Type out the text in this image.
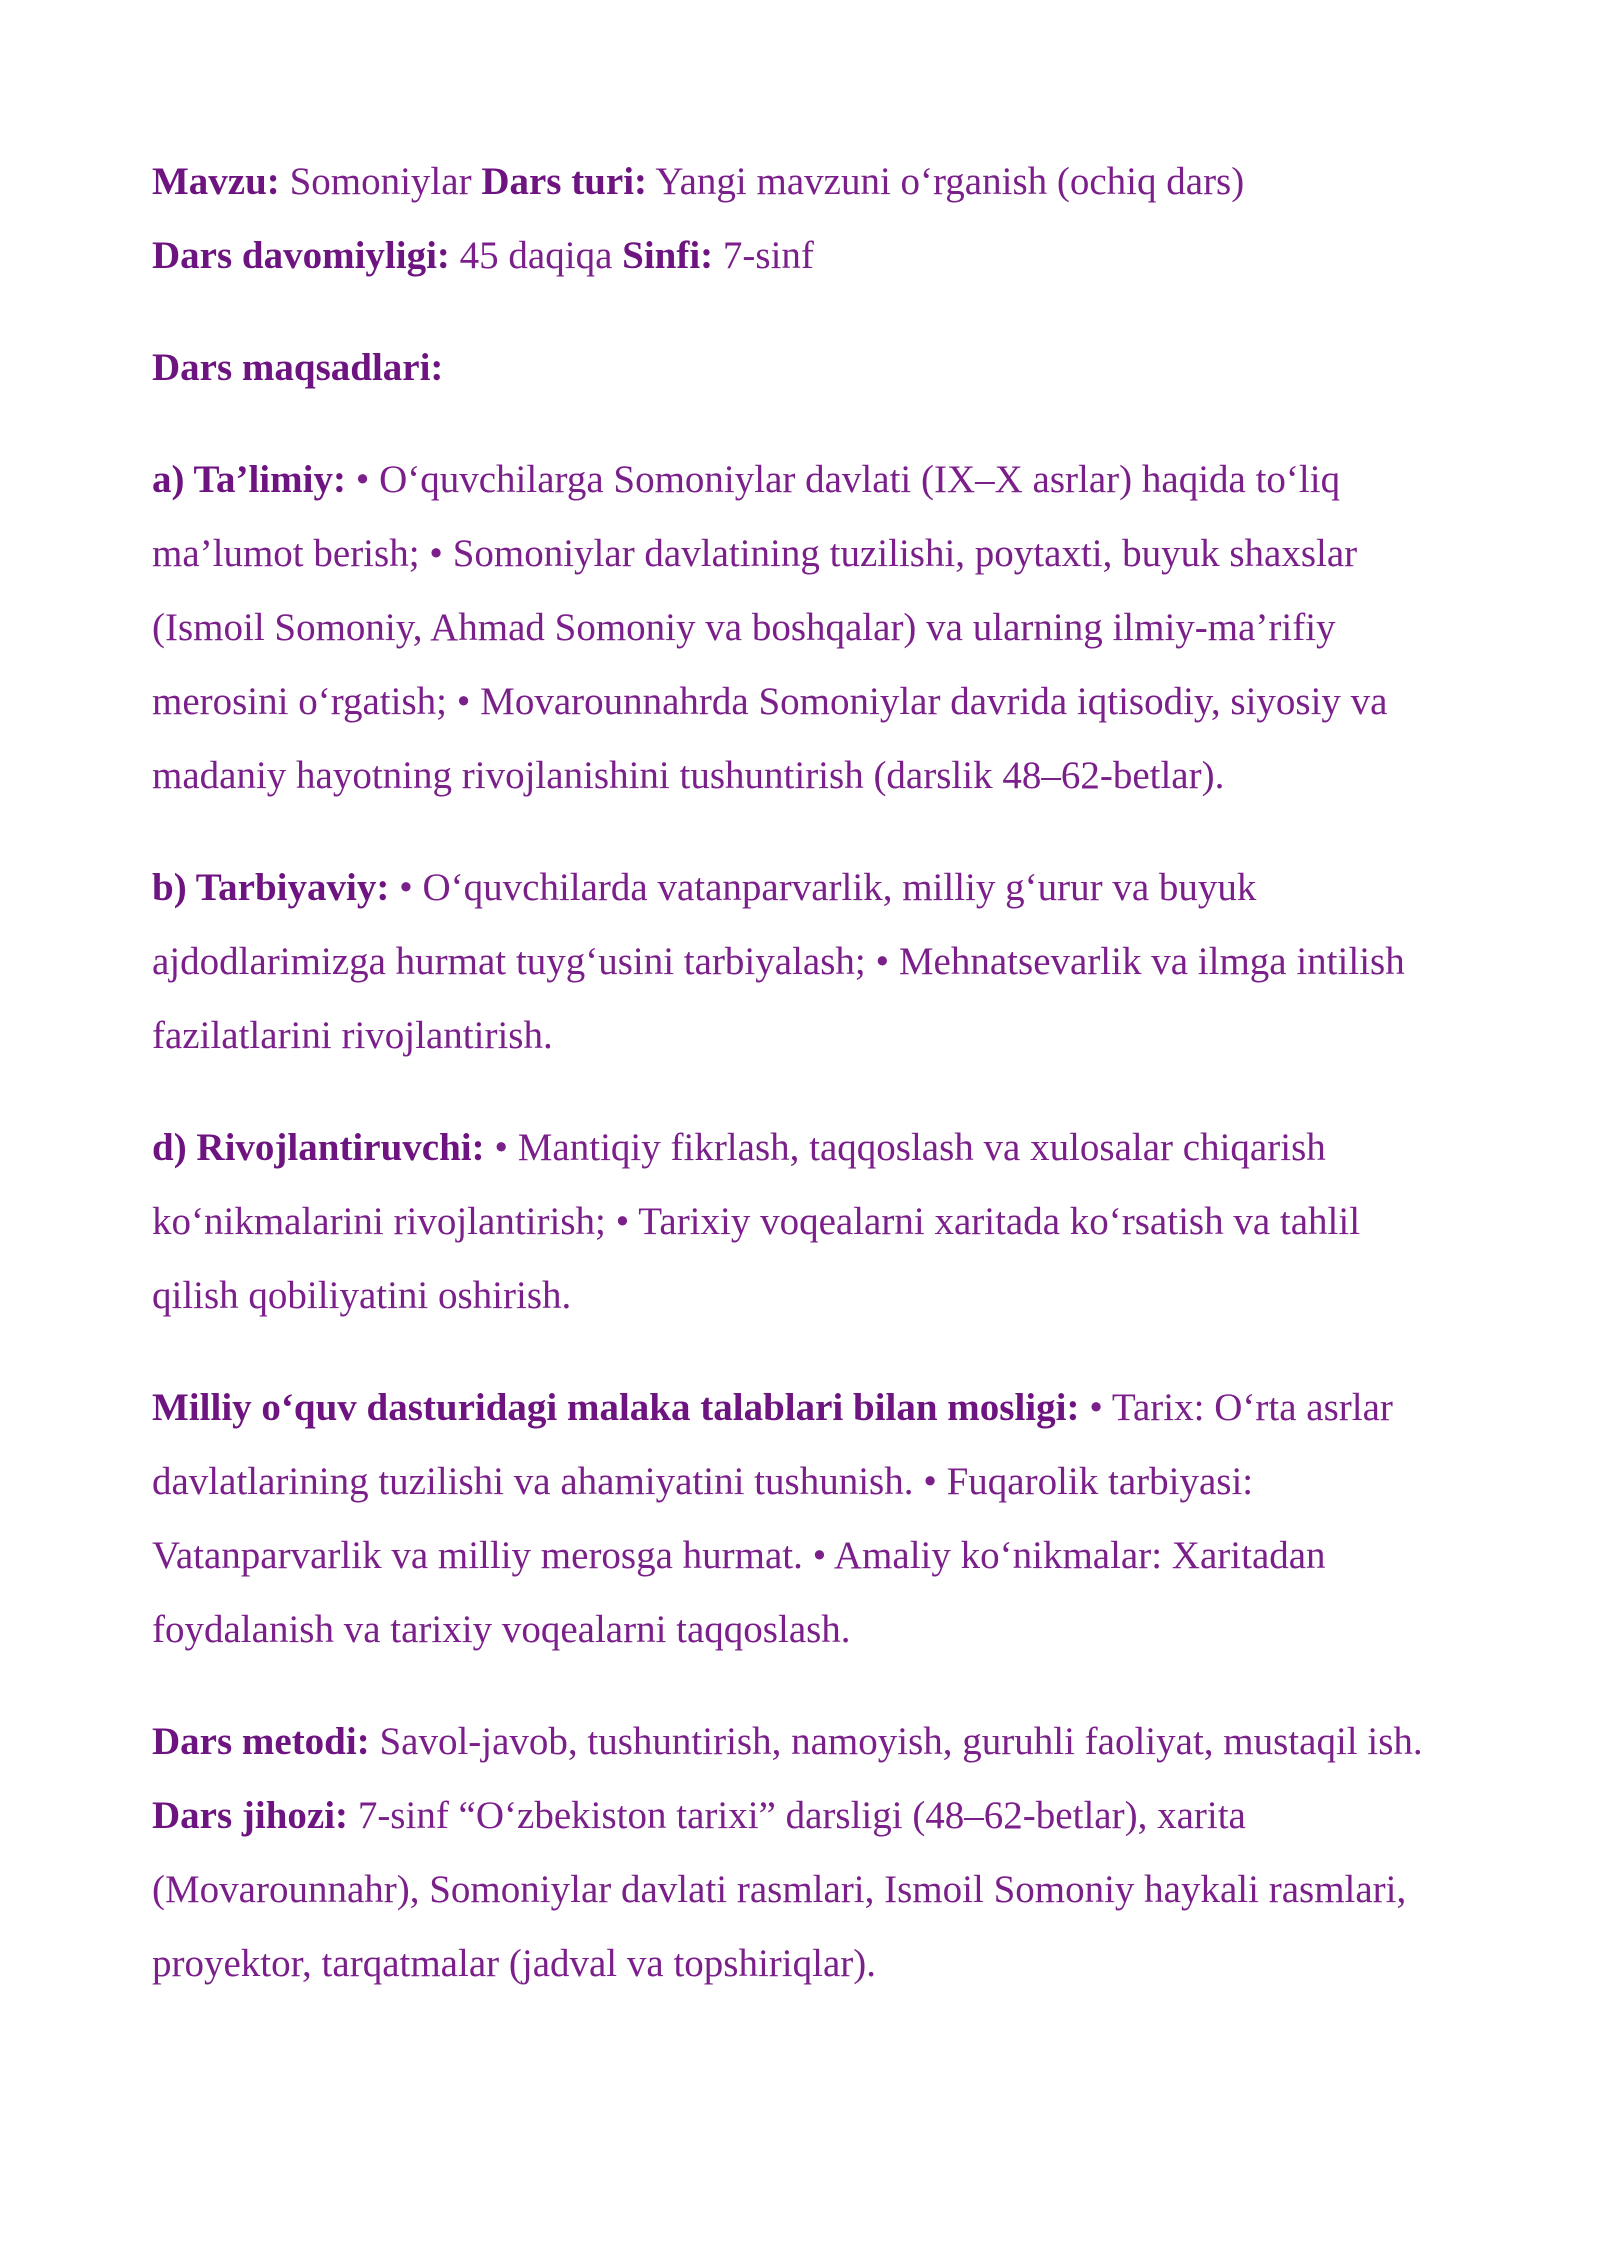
Mavzu: Somoniylar Dars turi: Yangi mavzuni o‘rganish (ochiq dars)
Dars davomiyligi: 45 daqiqa Sinfi: 7-sinf

Dars maqsadlari:

a) Ta’limiy: • O‘quvchilarga Somoniylar davlati (IX–X asrlar) haqida to‘liq ma’lumot berish; • Somoniylar davlatining tuzilishi, poytaxti, buyuk shaxslar (Ismoil Somoniy, Ahmad Somoniy va boshqalar) va ularning ilmiy-ma’rifiy merosini o‘rgatish; • Movarounnahrda Somoniylar davrida iqtisodiy, siyosiy va madaniy hayotning rivojlanishini tushuntirish (darslik 48–62-betlar).

b) Tarbiyaviy: • O‘quvchilarda vatanparvarlik, milliy g‘urur va buyuk ajdodlarimizga hurmat tuyg‘usini tarbiyalash; • Mehnatsevarlik va ilmga intilish fazilatlarini rivojlantirish.

d) Rivojlantiruvchi: • Mantiqiy fikrlash, taqqoslash va xulosalar chiqarish ko‘nikmalarini rivojlantirish; • Tarixiy voqealarni xaritada ko‘rsatish va tahlil qilish qobiliyatini oshirish.

Milliy o‘quv dasturidagi malaka talablari bilan mosligi: • Tarix: O‘rta asrlar davlatlarining tuzilishi va ahamiyatini tushunish. • Fuqarolik tarbiyasi: Vatanparvarlik va milliy merosga hurmat. • Amaliy ko‘nikmalar: Xaritadan foydalanish va tarixiy voqealarni taqqoslash.

Dars metodi: Savol-javob, tushuntirish, namoyish, guruhli faoliyat, mustaqil ish. Dars jihozi: 7-sinf “O‘zbekiston tarixi” darsligi (48–62-betlar), xarita (Movarounnahr), Somoniylar davlati rasmlari, Ismoil Somoniy haykali rasmlari, proyektor, tarqatmalar (jadval va topshiriqlar).
